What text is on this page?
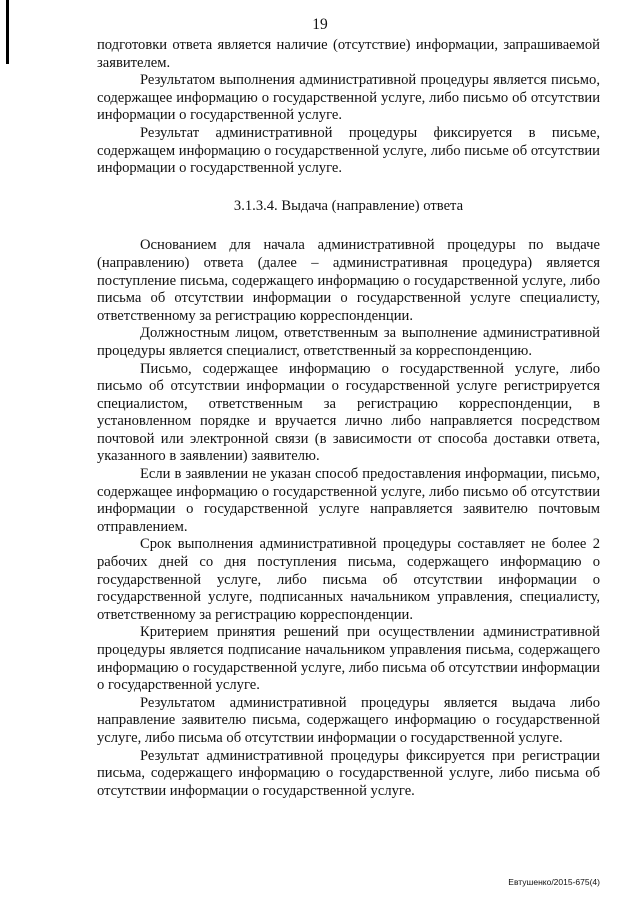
19

подготовки ответа является наличие (отсутствие) информации, запрашиваемой заявителем.

Результатом выполнения административной процедуры является письмо, содержащее информацию о государственной услуге, либо письмо об отсутствии информации о государственной услуге.

Результат административной процедуры фиксируется в письме, содержащем информацию о государственной услуге, либо письме об отсутствии информации о государственной услуге.

3.1.3.4. Выдача (направление) ответа

Основанием для начала административной процедуры по выдаче (направлению) ответа (далее – административная процедура) является поступление письма, содержащего информацию о государственной услуге, либо письма об отсутствии информации о государственной услуге специалисту, ответственному за регистрацию корреспонденции.

Должностным лицом, ответственным за выполнение административной процедуры является специалист, ответственный за корреспонденцию.

Письмо, содержащее информацию о государственной услуге, либо письмо об отсутствии информации о государственной услуге регистрируется специалистом, ответственным за регистрацию корреспонденции, в установленном порядке и вручается лично либо направляется посредством почтовой или электронной связи (в зависимости от способа доставки ответа, указанного в заявлении) заявителю.

Если в заявлении не указан способ предоставления информации, письмо, содержащее информацию о государственной услуге, либо письмо об отсутствии информации о государственной услуге направляется заявителю почтовым отправлением.

Срок выполнения административной процедуры составляет не более 2 рабочих дней со дня поступления письма, содержащего информацию о государственной услуге, либо письма об отсутствии информации о государственной услуге, подписанных начальником управления, специалисту, ответственному за регистрацию корреспонденции.

Критерием принятия решений при осуществлении административной процедуры является подписание начальником управления письма, содержащего информацию о государственной услуге, либо письма об отсутствии информации о государственной услуге.

Результатом административной процедуры является выдача либо направление заявителю письма, содержащего информацию о государственной услуге, либо письма об отсутствии информации о государственной услуге.

Результат административной процедуры фиксируется при регистрации письма, содержащего информацию о государственной услуге, либо письма об отсутствии информации о государственной услуге.

Евтушенко/2015-675(4)
